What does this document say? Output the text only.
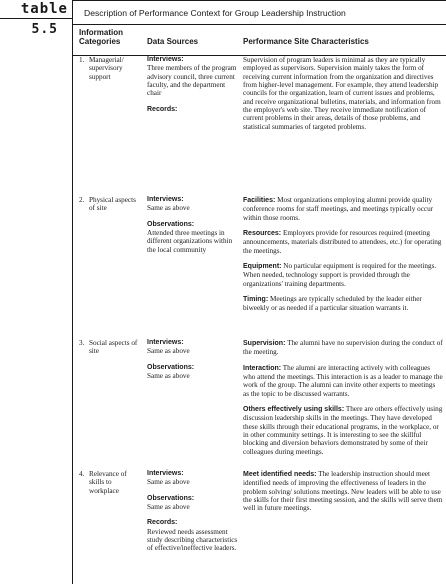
table
5.5
Description of Performance Context for Group Leadership Instruction
Information Categories	Data Sources	Performance Site Characteristics
1. Managerial/ supervisory support
Interviews:
Three members of the program advisory council, three current faculty, and the department chair
Records:
Supervision of program leaders is minimal as they are typically employed as supervisors. Supervision mainly takes the form of receiving current information from the organization and directives from higher-level management. For example, they attend leadership councils for the organization, learn of current issues and problems, and receive organizational bulletins, materials, and information from the employer's web site. They receive immediate notification of current problems in their areas, details of those problems, and statistical summaries of targeted problems.
2. Physical aspects of site
Interviews:
Same as above
Observations:
Attended three meetings in different organizations within the local community
Facilities: Most organizations employing alumni provide quality conference rooms for staff meetings, and meetings typically occur within those rooms.
Resources: Employers provide for resources required (meeting announcements, materials distributed to attendees, etc.) for operating the meetings.
Equipment: No particular equipment is required for the meetings. When needed, technology support is provided through the organizations' training departments.
Timing: Meetings are typically scheduled by the leader either biweekly or as needed if a particular situation warrants it.
3. Social aspects of site
Interviews:
Same as above
Observations:
Same as above
Supervision: The alumni have no supervision during the conduct of the meeting.
Interaction: The alumni are interacting actively with colleagues who attend the meetings. This interaction is as a leader to manage the work of the group. The alumni can invite other experts to meetings as the topic to be discussed warrants.
Others effectively using skills: There are others effectively using discussion leadership skills in the meetings. They have developed these skills through their educational programs, in the workplace, or in other community settings. It is interesting to see the skillful blocking and diversion behaviors demonstrated by some of their colleagues during meetings.
4. Relevance of skills to workplace
Interviews:
Same as above
Observations:
Same as above
Records:
Reviewed needs assessment study describing characteristics of effective/ineffective leaders.
Meet identified needs: The leadership instruction should meet identified needs of improving the effectiveness of leaders in the problem solving/ solutions meetings. New leaders will be able to use the skills for their first meeting session, and the skills will serve them well in future meetings.
